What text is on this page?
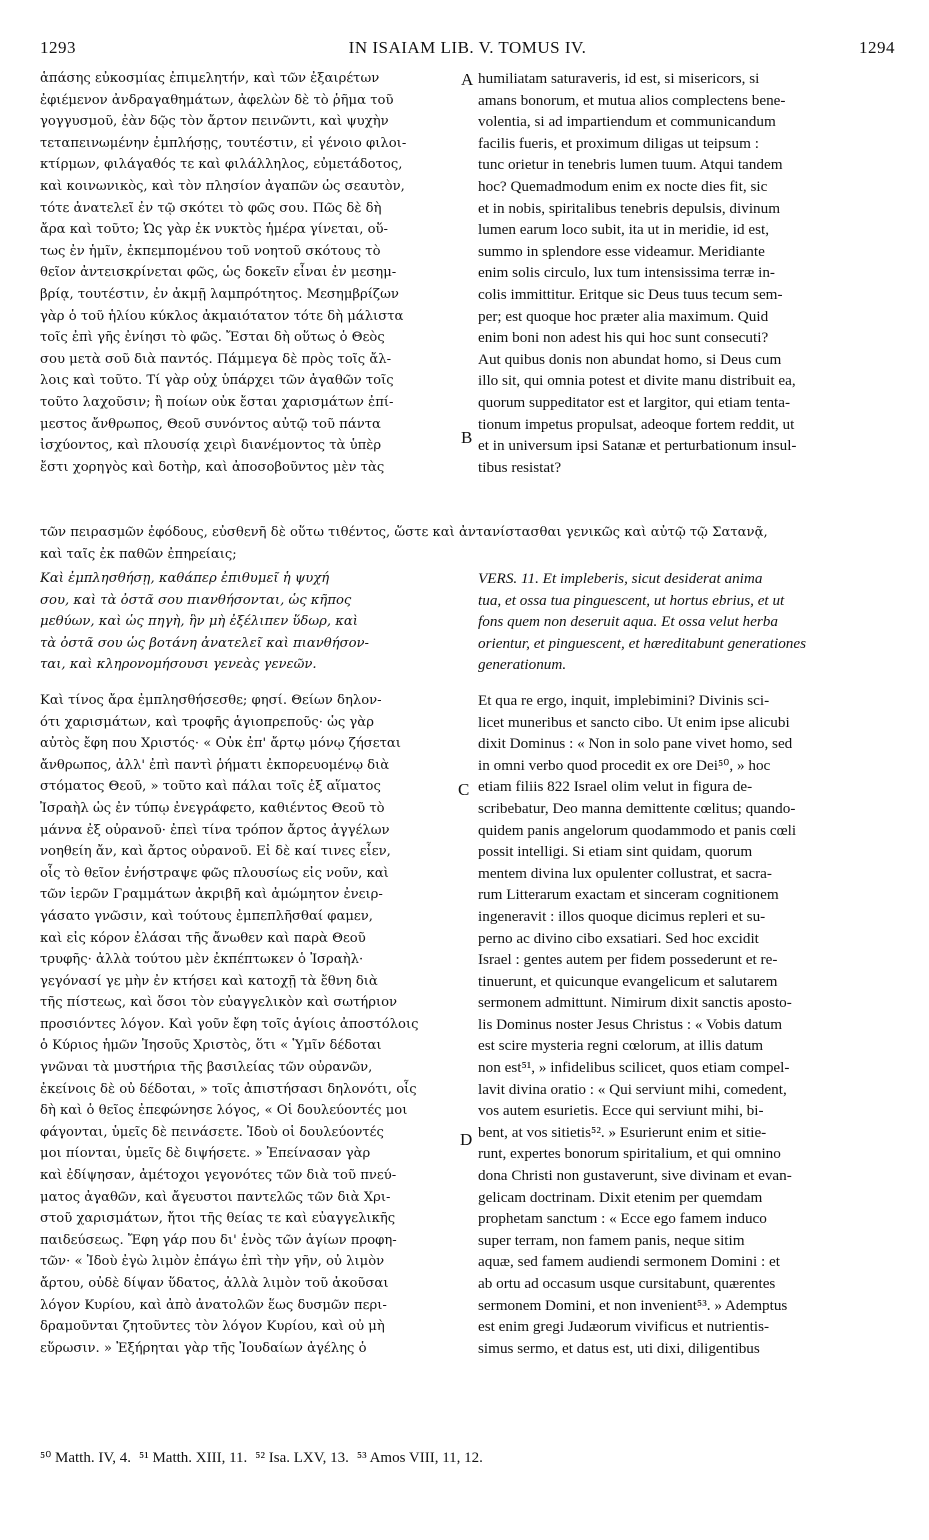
1293	IN ISAIAM LIB. V. TOMUS IV.	1294
ἁπάσης εὐκοσμίας ἐπιμελητήν, καὶ τῶν ἐξαιρέτων
ἐφιέμενον ἀνδραγαθημάτων, ἀφελὼν δὲ τὸ ῥῆμα τοῦ
γογγυσμοῦ, ἐὰν δῷς τὸν ἄρτον πεινῶντι, καὶ ψυχὴν
τεταπεινωμένην ἐμπλήσῃς, τουτέστιν, εἰ γένοιο φιλοι-
κτίρμων, φιλάγαθός τε καὶ φιλάλληλος, εὐμετάδοτος,
καὶ κοινωνικὸς, καὶ τὸν πλησίον ἀγαπῶν ὡς σεαυτὸν,
τότε ἀνατελεῖ ἐν τῷ σκότει τὸ φῶς σου. Πῶς δὲ δὴ
ἄρα καὶ τοῦτο; Ὡς γὰρ ἐκ νυκτὸς ἡμέρα γίνεται, οὕ-
τως ἐν ἡμῖν, ἐκπεμπομένου τοῦ νοητοῦ σκότους τὸ
θεῖον ἀντεισκρίνεται φῶς, ὡς δοκεῖν εἶναι ἐν μεσημ-
βρίᾳ, τουτέστιν, ἐν ἀκμῇ λαμπρότητος. Μεσημβρίζων
γὰρ ὁ τοῦ ἡλίου κύκλος ἀκμαιότατον τότε δὴ μάλιστα
τοῖς ἐπὶ γῆς ἐνίησι τὸ φῶς. Ἔσται δὴ οὕτως ὁ Θεὸς
σου μετὰ σοῦ διὰ παντός. Πάμμεγα δὲ πρὸς τοῖς ἄλ-
λοις καὶ τοῦτο. Τί γὰρ οὐχ ὑπάρχει τῶν ἀγαθῶν τοῖς
τοῦτο λαχοῦσιν; ἢ ποίων οὐκ ἔσται χαρισμάτων ἐπί-
μεστος ἄνθρωπος, Θεοῦ συνόντος αὐτῷ τοῦ πάντα
ἰσχύοντος, καὶ πλουσίᾳ χειρὶ διανέμοντος τὰ ὑπὲρ
ἔστι χορηγὸς καὶ δοτὴρ, καὶ ἀποσοβοῦντος μὲν τὰς
humiliatam saturaveris, id est, si misericors, si
amans bonorum, et mutua alios complectens bene-
volentia, si ad impartiendum et communicandum
facilis fueris, et proximum diligas ut teipsum :
tunc orietur in tenebris lumen tuum. Atqui tandem
hoc? Quemadmodum enim ex nocte dies fit, sic
et in nobis, spiritalibus tenebris depulsis, divinum
lumen earum loco subit, ita ut in meridie, id est,
summo in splendore esse videamur. Meridiante
enim solis circulo, lux tum intensissima terræ in-
colis immittitur. Eritque sic Deus tuus tecum sem-
per; est quoque hoc præter alia maximum. Quid
enim boni non adest his qui hoc sunt consecuti?
Aut quibus donis non abundat homo, si Deus cum
illo sit, qui omnia potest et divite manu distribuit ea,
quorum suppeditator est et largitor, qui etiam tenta-
tionum impetus propulsat, adeoque fortem reddit, ut
et in universum ipsi Satanæ et perturbationum insul-
tibus resistat?
A
B
C
D
τῶν πειρασμῶν ἐφόδους, εὐσθενῆ δὲ οὕτω τιθέντος, ὥστε καὶ ἀντανίστασθαι γενικῶς καὶ αὐτῷ τῷ Σατανᾷ,
καὶ ταῖς ἐκ παθῶν ἐπηρείαις;
Καὶ ἐμπλησθήσῃ, καθάπερ ἐπιθυμεῖ ἡ ψυχή
σου, καὶ τὰ ὀστᾶ σου πιανθήσονται, ὡς κῆπος
μεθύων, καὶ ὡς πηγὴ, ἣν μὴ ἐξέλιπεν ὕδωρ, καὶ
τὰ ὀστᾶ σου ὡς βοτάνη ἀνατελεῖ καὶ πιανθήσον-
ται, καὶ κληρονομήσουσι γενεὰς γενεῶν.
Καὶ τίνος ἄρα ἐμπλησθήσεσθε; φησί. Θείων δηλον-
ότι χαρισμάτων, καὶ τροφῆς ἁγιοπρεποῦς· ὡς γὰρ
αὐτὸς ἔφη που Χριστός· « Οὐκ ἐπ' ἄρτῳ μόνῳ ζήσεται
ἄνθρωπος, ἀλλ' ἐπὶ παντὶ ῥήματι ἐκπορευομένῳ διὰ
στόματος Θεοῦ, » τοῦτο καὶ πάλαι τοῖς ἐξ αἵματος
Ἰσραὴλ ὡς ἐν τύπῳ ἐνεγράφετο, καθιέντος Θεοῦ τὸ
μάννα ἐξ οὐρανοῦ· ἐπεὶ τίνα τρόπον ἄρτος ἀγγέλων
νοηθείη ἄν, καὶ ἄρτος οὐρανοῦ. Εἰ δὲ καί τινες εἶεν,
οἷς τὸ θεῖον ἐνήστραψε φῶς πλουσίως εἰς νοῦν, καὶ
τῶν ἱερῶν Γραμμάτων ἀκριβῆ καὶ ἀμώμητον ἐνειρ-
γάσατο γνῶσιν, καὶ τούτους ἐμπεπλῆσθαί φαμεν,
καὶ εἰς κόρον ἐλάσαι τῆς ἄνωθεν καὶ παρὰ Θεοῦ
τρυφῆς· ἀλλὰ τούτου μὲν ἐκπέπτωκεν ὁ Ἰσραὴλ·
γεγόνασί γε μὴν ἐν κτήσει καὶ κατοχῇ τὰ ἔθνη διὰ
τῆς πίστεως, καὶ ὅσοι τὸν εὐαγγελικὸν καὶ σωτήριον
προσιόντες λόγον. Καὶ γοῦν ἔφη τοῖς ἁγίοις ἀποστόλοις
ὁ Κύριος ἡμῶν Ἰησοῦς Χριστὸς, ὅτι « Ὑμῖν δέδοται
γνῶναι τὰ μυστήρια τῆς βασιλείας τῶν οὐρανῶν,
ἐκείνοις δὲ οὐ δέδοται, » τοῖς ἀπιστήσασι δηλονότι, οἷς
δὴ καὶ ὁ θεῖος ἐπεφώνησε λόγος, « Οἱ δουλεύοντές μοι
φάγονται, ὑμεῖς δὲ πεινάσετε. Ἰδοὺ οἱ δουλεύοντές
μοι πίονται, ὑμεῖς δὲ διψήσετε. » Ἐπείνασαν γὰρ
καὶ ἐδίψησαν, ἀμέτοχοι γεγονότες τῶν διὰ τοῦ πνεύ-
ματος ἀγαθῶν, καὶ ἄγευστοι παντελῶς τῶν διὰ Χρι-
στοῦ χαρισμάτων, ἤτοι τῆς θείας τε καὶ εὐαγγελικῆς
παιδεύσεως. Ἔφη γάρ που δι' ἑνὸς τῶν ἁγίων προφη-
τῶν· « Ἰδοὺ ἐγὼ λιμὸν ἐπάγω ἐπὶ τὴν γῆν, οὐ λιμὸν
ἄρτου, οὐδὲ δίψαν ὕδατος, ἀλλὰ λιμὸν τοῦ ἀκοῦσαι
λόγον Κυρίου, καὶ ἀπὸ ἀνατολῶν ἕως δυσμῶν περι-
δραμοῦνται ζητοῦντες τὸν λόγον Κυρίου, καὶ οὐ μὴ
εὕρωσιν. » Ἐξήρηται γὰρ τῆς Ἰουδαίων ἀγέλης ὁ
VERS. 11. Et impleberis, sicut desiderat anima
tua, et ossa tua pinguescent, ut hortus ebrius, et ut
fons quem non deseruit aqua. Et ossa velut herba
orientur, et pinguescent, et hæreditabunt generationes
generationum.
Et qua re ergo, inquit, implebimini? Divinis sci-
licet muneribus et sancto cibo. Ut enim ipse alicubi
dixit Dominus : « Non in solo pane vivet homo, sed
in omni verbo quod procedit ex ore Dei⁵⁰, » hoc
etiam filiis 822 Israel olim velut in figura de-
scribebatur, Deo manna demittente cœlitus; quando-
quidem panis angelorum quodammodo et panis cœli
possit intelligi. Si etiam sint quidam, quorum
mentem divina lux opulenter collustrat, et sacra-
rum Litterarum exactam et sinceram cognitionem
ingeneravit : illos quoque dicimus repleri et su-
perno ac divino cibo exsatiari. Sed hoc excidit
Israel : gentes autem per fidem possederunt et re-
tinuerunt, et quicunque evangelicum et salutarem
sermonem admittunt. Nimirum dixit sanctis aposto-
lis Dominus noster Jesus Christus : « Vobis datum
est scire mysteria regni cœlorum, at illis datum
non est⁵¹, » infidelibus scilicet, quos etiam compel-
lavit divina oratio : « Qui serviunt mihi, comedent,
vos autem esurietis. Ecce qui serviunt mihi, bi-
bent, at vos sitietis⁵². » Esurierunt enim et sitie-
runt, expertes bonorum spiritalium, et qui omnino
dona Christi non gustaverunt, sive divinam et evan-
gelicam doctrinam. Dixit etenim per quemdam
prophetam sanctum : « Ecce ego famem induco
super terram, non famem panis, neque sitim
aquæ, sed famem audiendi sermonem Domini : et
ab ortu ad occasum usque cursitabunt, quærentes
sermonem Domini, et non invenient⁵³. » Ademptus
est enim gregi Judæorum vivificus et nutrientis-
simus sermo, et datus est, uti dixi, diligentibus
⁵⁰ Matth. IV, 4. ⁵¹ Matth. XIII, 11. ⁵² Isa. LXV, 13. ⁵³ Amos VIII, 11, 12.
